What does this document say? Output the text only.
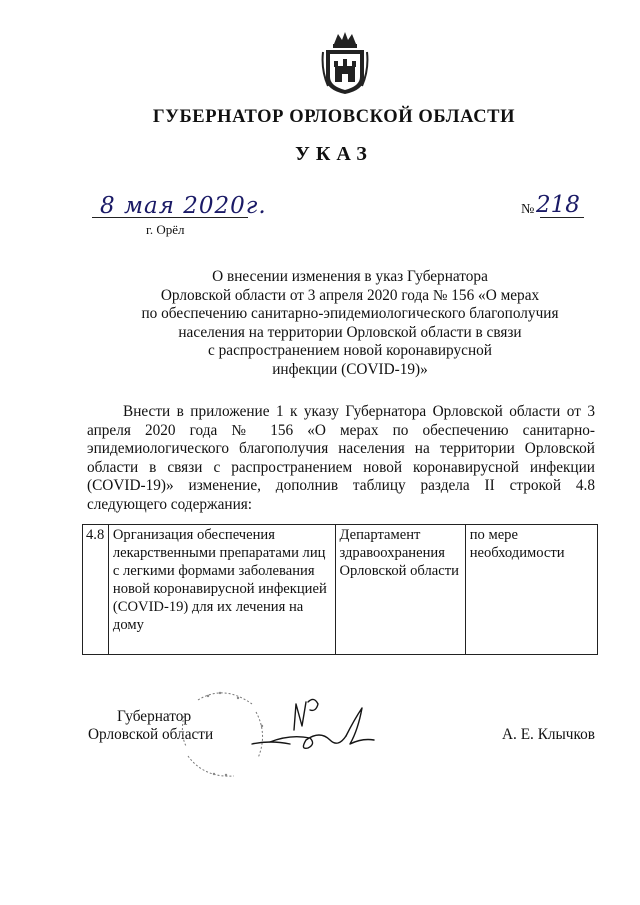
ГУБЕРНАТОР ОРЛОВСКОЙ ОБЛАСТИ
УКАЗ
8 мая 2020г.
г. Орёл
№ 218
О внесении изменения в указ Губернатора
Орловской области от 3 апреля 2020 года № 156 «О мерах
по обеспечению санитарно-эпидемиологического благополучия
населения на территории Орловской области в связи
с распространением новой коронавирусной
инфекции (COVID-19)»
Внести в приложение 1 к указу Губернатора Орловской области от 3 апреля 2020 года № 156 «О мерах по обеспечению санитарно-эпидемиологического благополучия населения на территории Орловской области в связи с распространением новой коронавирусной инфекции (COVID-19)» изменение, дополнив таблицу раздела II строкой 4.8 следующего содержания:
4.8	Организация обеспечения лекарственными препаратами лиц с легкими формами заболевания новой коронавирусной инфекцией (COVID-19) для их лечения на дому	Департамент здравоохранения Орловской области	по мере необходимости
Губернатор
Орловской области	А. Е. Клычков
